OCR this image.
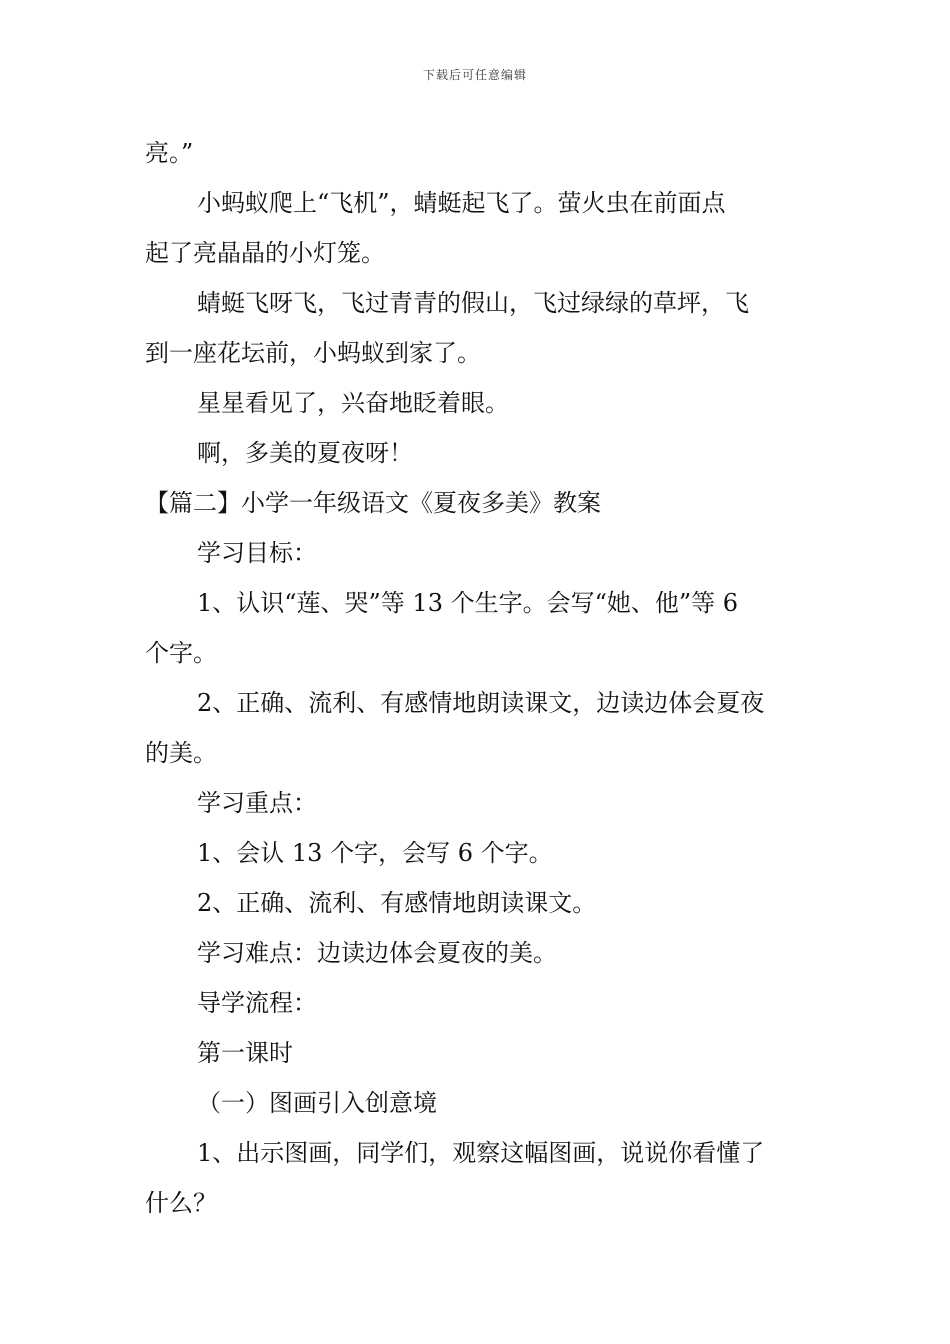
下载后可任意编辑

亮。”

小蚂蚁爬上“飞机”，蜻蜓起飞了。萤火虫在前面点

起了亮晶晶的小灯笼。

蜻蜓飞呀飞，飞过青青的假山，飞过绿绿的草坪，飞

到一座花坛前，小蚂蚁到家了。

星星看见了，兴奋地眨着眼。

啊，多美的夏夜呀！

【篇二】小学一年级语文《夏夜多美》教案

学习目标：

1、认识“莲、哭”等 13 个生字。会写“她、他”等 6

个字。

2、正确、流利、有感情地朗读课文，边读边体会夏夜

的美。

学习重点：

1、会认 13 个字，会写 6 个字。

2、正确、流利、有感情地朗读课文。

学习难点：边读边体会夏夜的美。

导学流程：

第一课时

（一）图画引入创意境

1、出示图画，同学们，观察这幅图画，说说你看懂了

什么？
